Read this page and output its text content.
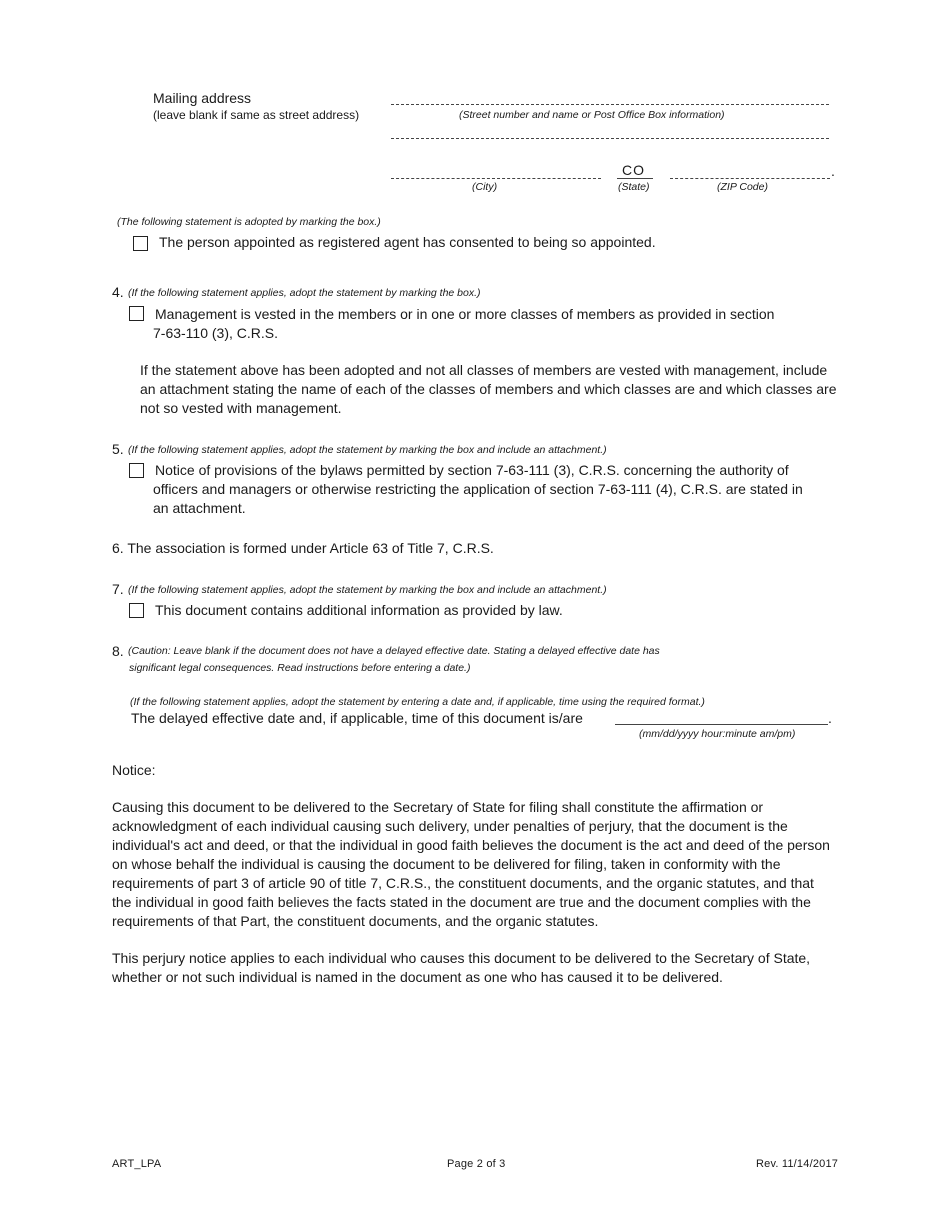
Mailing address
(leave blank if same as street address)	(Street number and name or Post Office Box information)
CO	.
(City)	(State)	(ZIP Code)
(The following statement is adopted by marking the box.)
The person appointed as registered agent has consented to being so appointed.
4. (If the following statement applies, adopt the statement by marking the box.)
Management is vested in the members or in one or more classes of members as provided in section
7-63-110 (3), C.R.S.
If the statement above has been adopted and not all classes of members are vested with management, include an attachment stating the name of each of the classes of members and which classes are and which classes are not so vested with management.
5. (If the following statement applies, adopt the statement by marking the box and include an attachment.)
Notice of provisions of the bylaws permitted by section 7-63-111 (3), C.R.S. concerning the authority of
officers and managers or otherwise restricting the application of section 7-63-111 (4), C.R.S. are stated in an attachment.
6. The association is formed under Article 63 of Title 7, C.R.S.
7. (If the following statement applies, adopt the statement by marking the box and include an attachment.)
This document contains additional information as provided by law.
8. (Caution: Leave blank if the document does not have a delayed effective date. Stating a delayed effective date has
significant legal consequences. Read instructions before entering a date.)
(If the following statement applies, adopt the statement by entering a date and, if applicable, time using the required format.)
The delayed effective date and, if applicable, time of this document is/are	.
(mm/dd/yyyy hour:minute am/pm)
Notice:
Causing this document to be delivered to the Secretary of State for filing shall constitute the affirmation or acknowledgment of each individual causing such delivery, under penalties of perjury, that the document is the individual's act and deed, or that the individual in good faith believes the document is the act and deed of the person on whose behalf the individual is causing the document to be delivered for filing, taken in conformity with the requirements of part 3 of article 90 of title 7, C.R.S., the constituent documents, and the organic statutes, and that the individual in good faith believes the facts stated in the document are true and the document complies with the requirements of that Part, the constituent documents, and the organic statutes.
This perjury notice applies to each individual who causes this document to be delivered to the Secretary of State, whether or not such individual is named in the document as one who has caused it to be delivered.
ART_LPA	Page 2 of 3	Rev. 11/14/2017
